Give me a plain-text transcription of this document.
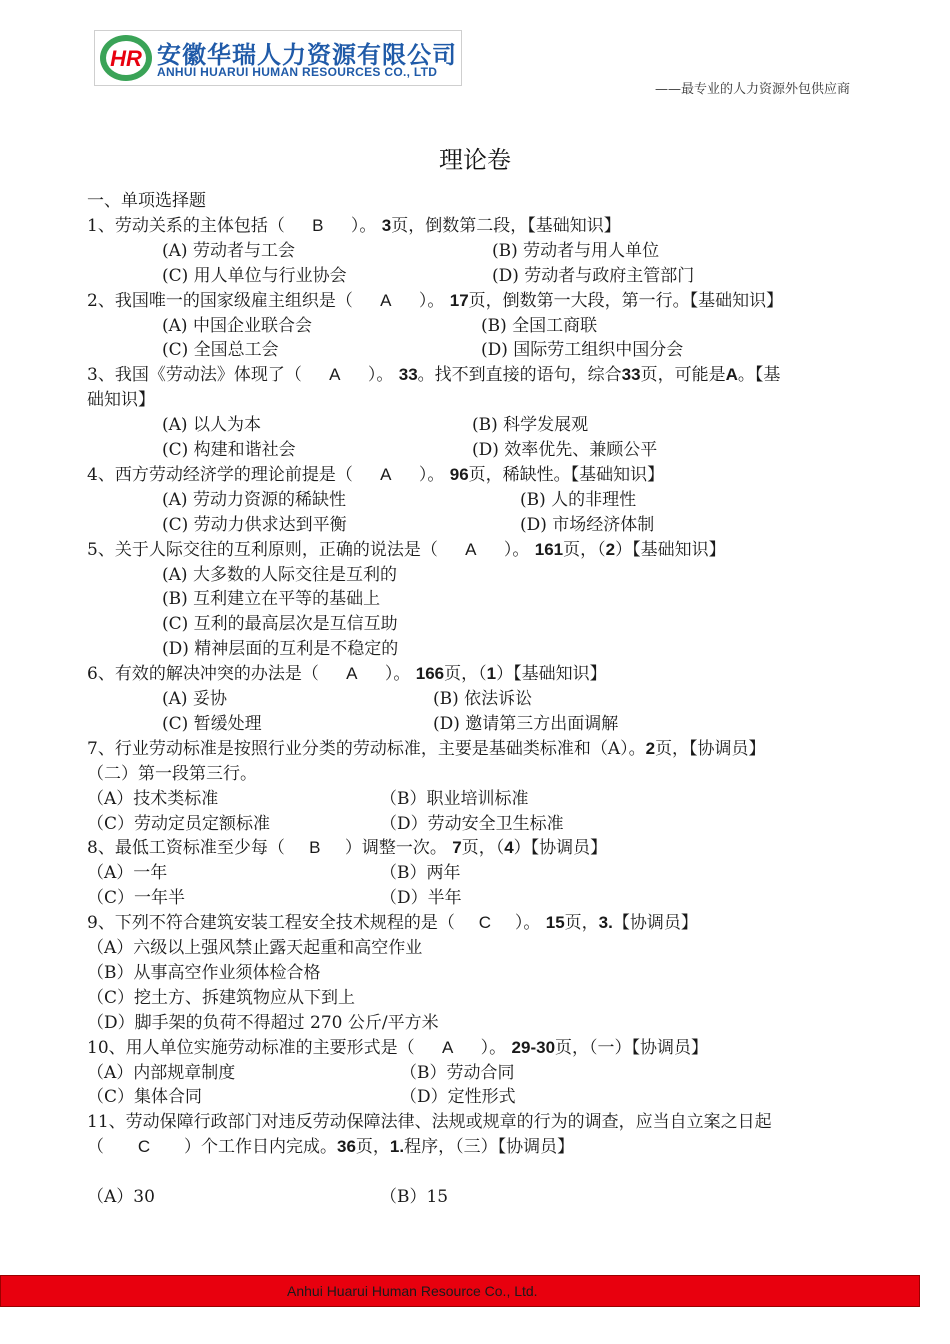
HR 安徽华瑞人力资源有限公司
ANHUI HUARUI HUMAN RESOURCES CO., LTD
——最专业的人力资源外包供应商
理论卷
一、单项选择题
1、劳动关系的主体包括（ B ）。 3页，倒数第二段，【基础知识】
(A) 劳动者与工会	(B) 劳动者与用人单位
(C) 用人单位与行业协会	(D) 劳动者与政府主管部门
2、我国唯一的国家级雇主组织是（ A ）。 17页，倒数第一大段，第一行。【基础知识】
(A) 中国企业联合会	(B) 全国工商联
(C) 全国总工会	(D) 国际劳工组织中国分会
3、我国《劳动法》体现了（ A ）。 33。找不到直接的语句，综合33页，可能是A。【基
础知识】
(A) 以人为本	(B) 科学发展观
(C) 构建和谐社会	(D) 效率优先、兼顾公平
4、西方劳动经济学的理论前提是（ A ）。 96页，稀缺性。【基础知识】
(A) 劳动力资源的稀缺性	(B) 人的非理性
(C) 劳动力供求达到平衡	(D) 市场经济体制
5、关于人际交往的互利原则，正确的说法是（ A ）。 161页，（2）【基础知识】
(A) 大多数的人际交往是互利的
(B) 互利建立在平等的基础上
(C) 互利的最高层次是互信互助
(D) 精神层面的互利是不稳定的
6、有效的解决冲突的办法是（ A ）。 166页，（1）【基础知识】
(A) 妥协	(B) 依法诉讼
(C) 暂缓处理	(D) 邀请第三方出面调解
7、行业劳动标准是按照行业分类的劳动标准，主要是基础类标准和（A）。2页，【协调员】
（二）第一段第三行。
（A）技术类标准	（B）职业培训标准
（C）劳动定员定额标准	（D）劳动安全卫生标准
8、最低工资标准至少每（ B ）调整一次。 7页，（4）【协调员】
（A）一年	（B）两年
（C）一年半	（D）半年
9、下列不符合建筑安装工程安全技术规程的是（ C ）。 15页，3.【协调员】
（A）六级以上强风禁止露天起重和高空作业
（B）从事高空作业须体检合格
（C）挖土方、拆建筑物应从下到上
（D）脚手架的负荷不得超过 270 公斤/平方米
10、用人单位实施劳动标准的主要形式是（ A ）。 29-30页，（一）【协调员】
（A）内部规章制度	（B）劳动合同
（C）集体合同	（D）定性形式
11、劳动保障行政部门对违反劳动保障法律、法规或规章的行为的调查，应当自立案之日起
（ C ）个工作日内完成。36页，1.程序，（三）【协调员】
（A）30	（B）15
Anhui Huarui Human Resource Co., Ltd.
